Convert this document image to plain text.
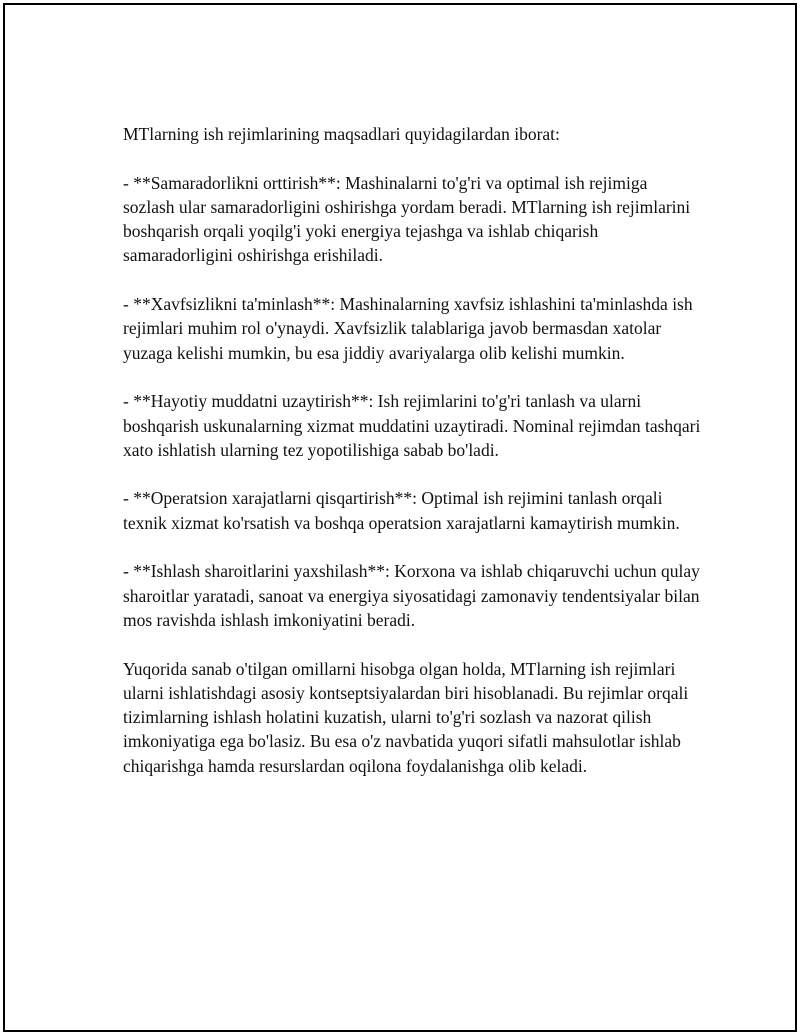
MTlarning ish rejimlarining maqsadlari quyidagilardan iborat:

- **Samaradorlikni orttirish**: Mashinalarni to'g'ri va optimal ish rejimiga sozlash ular samaradorligini oshirishga yordam beradi. MTlarning ish rejimlarini boshqarish orqali yoqilg'i yoki energiya tejashga va ishlab chiqarish samaradorligini oshirishga erishiladi.

- **Xavfsizlikni ta'minlash**: Mashinalarning xavfsiz ishlashini ta'minlashda ish rejimlari muhim rol o'ynaydi. Xavfsizlik talablariga javob bermasdan xatolar yuzaga kelishi mumkin, bu esa jiddiy avariyalarga olib kelishi mumkin.

- **Hayotiy muddatni uzaytirish**: Ish rejimlarini to'g'ri tanlash va ularni boshqarish uskunalarning xizmat muddatini uzaytiradi. Nominal rejimdan tashqari xato ishlatish ularning tez yopotilishiga sabab bo'ladi.

- **Operatsion xarajatlarni qisqartirish**: Optimal ish rejimini tanlash orqali texnik xizmat ko'rsatish va boshqa operatsion xarajatlarni kamaytirish mumkin.

- **Ishlash sharoitlarini yaxshilash**: Korxona va ishlab chiqaruvchi uchun qulay sharoitlar yaratadi, sanoat va energiya siyosatidagi zamonaviy tendentsiyalar bilan mos ravishda ishlash imkoniyatini beradi.

Yuqorida sanab o'tilgan omillarni hisobga olgan holda, MTlarning ish rejimlari ularni ishlatishdagi asosiy kontseptsiyalardan biri hisoblanadi. Bu rejimlar orqali tizimlarning ishlash holatini kuzatish, ularni to'g'ri sozlash va nazorat qilish imkoniyatiga ega bo'lasiz. Bu esa o'z navbatida yuqori sifatli mahsulotlar ishlab chiqarishga hamda resurslardan oqilona foydalanishga olib keladi.
